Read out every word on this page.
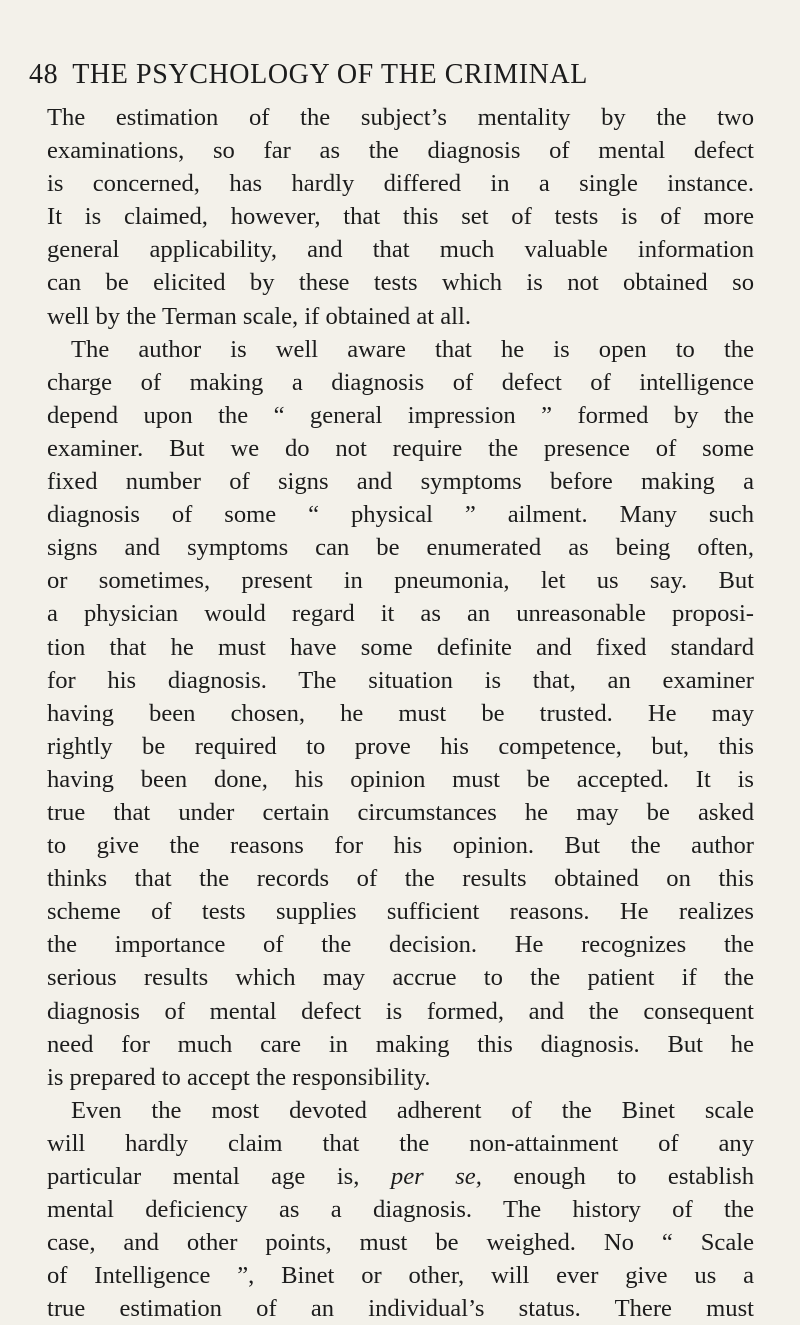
48 THE PSYCHOLOGY OF THE CRIMINAL

The estimation of the subject’s mentality by the two
examinations, so far as the diagnosis of mental defect
is concerned, has hardly differed in a single instance.
It is claimed, however, that this set of tests is of more
general applicability, and that much valuable information
can be elicited by these tests which is not obtained so
well by the Terman scale, if obtained at all.

The author is well aware that he is open to the
charge of making a diagnosis of defect of intelligence
depend upon the “ general impression ” formed by the
examiner. But we do not require the presence of some
fixed number of signs and symptoms before making a
diagnosis of some “ physical ” ailment. Many such
signs and symptoms can be enumerated as being often,
or sometimes, present in pneumonia, let us say. But
a physician would regard it as an unreasonable proposi-
tion that he must have some definite and fixed standard
for his diagnosis. The situation is that, an examiner
having been chosen, he must be trusted. He may
rightly be required to prove his competence, but, this
having been done, his opinion must be accepted. It is
true that under certain circumstances he may be asked
to give the reasons for his opinion. But the author
thinks that the records of the results obtained on this
scheme of tests supplies sufficient reasons. He realizes
the importance of the decision. He recognizes the
serious results which may accrue to the patient if the
diagnosis of mental defect is formed, and the consequent
need for much care in making this diagnosis. But he
is prepared to accept the responsibility.

Even the most devoted adherent of the Binet scale
will hardly claim that the non-attainment of any
particular mental age is, per se, enough to establish
mental deficiency as a diagnosis. The history of the
case, and other points, must be weighed. No “ Scale
of Intelligence ”, Binet or other, will ever give us a
true estimation of an individual’s status. There must
